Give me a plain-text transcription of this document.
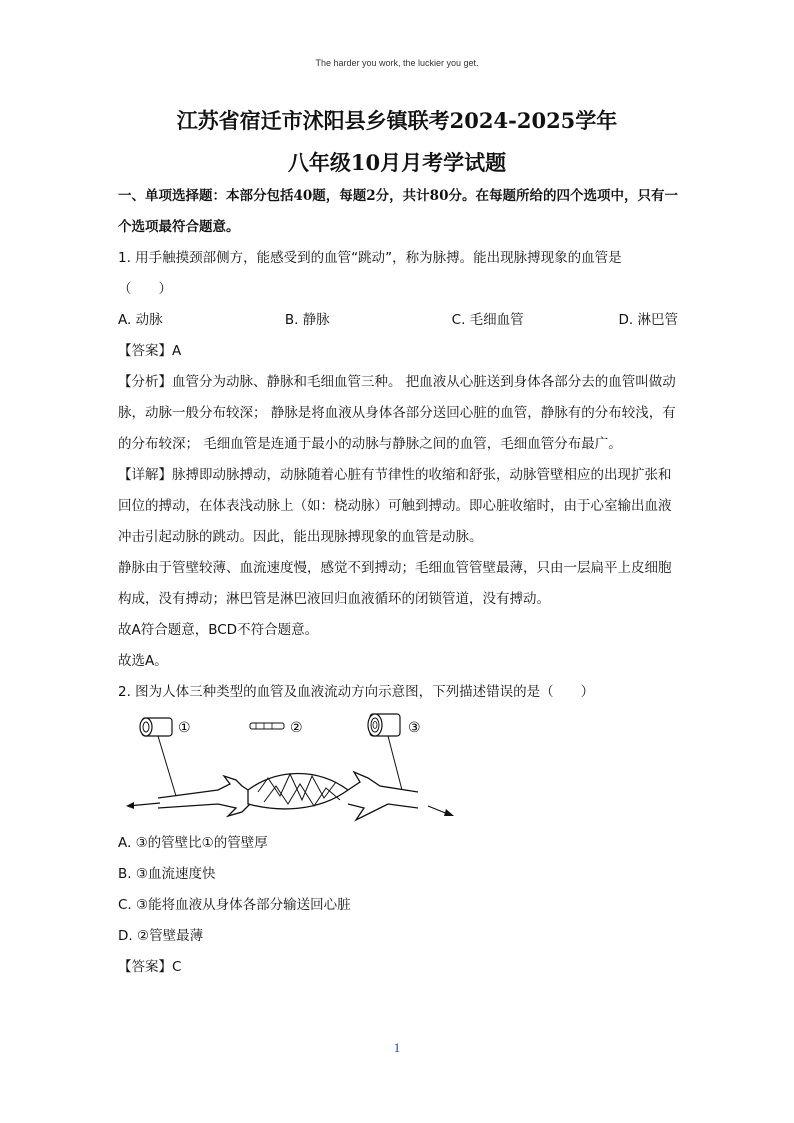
The harder you work, the luckier you get.
江苏省宿迁市沭阳县乡镇联考2024-2025学年
八年级10月月考学试题

一、单项选择题：本部分包括40题，每题2分，共计80分。在每题所给的四个选项中，只有一个选项最符合题意。

1. 用手触摸颈部侧方，能感受到的血管“跳动”，称为脉搏。能出现脉搏现象的血管是

（　　）

A. 动脉	B. 静脉	C. 毛细血管	D. 淋巴管

【答案】A

【分析】血管分为动脉、静脉和毛细血管三种。 把血液从心脏送到身体各部分去的血管叫做动脉，动脉一般分布较深； 静脉是将血液从身体各部分送回心脏的血管，静脉有的分布较浅，有的分布较深； 毛细血管是连通于最小的动脉与静脉之间的血管，毛细血管分布最广。

【详解】脉搏即动脉搏动，动脉随着心脏有节律性的收缩和舒张，动脉管壁相应的出现扩张和回位的搏动，在体表浅动脉上（如：桡动脉）可触到搏动。即心脏收缩时，由于心室输出血液冲击引起动脉的跳动。因此，能出现脉搏现象的血管是动脉。

静脉由于管壁较薄、血流速度慢，感觉不到搏动；毛细血管管壁最薄，只由一层扁平上皮细胞构成，没有搏动；淋巴管是淋巴液回归血液循环的闭锁管道，没有搏动。

故A符合题意，BCD不符合题意。

故选A。

2. 图为人体三种类型的血管及血液流动方向示意图，下列描述错误的是（　　）

①	②	③

A. ③的管壁比①的管壁厚

B. ③血流速度快

C. ③能将血液从身体各部分输送回心脏

D. ②管壁最薄

【答案】C

1
